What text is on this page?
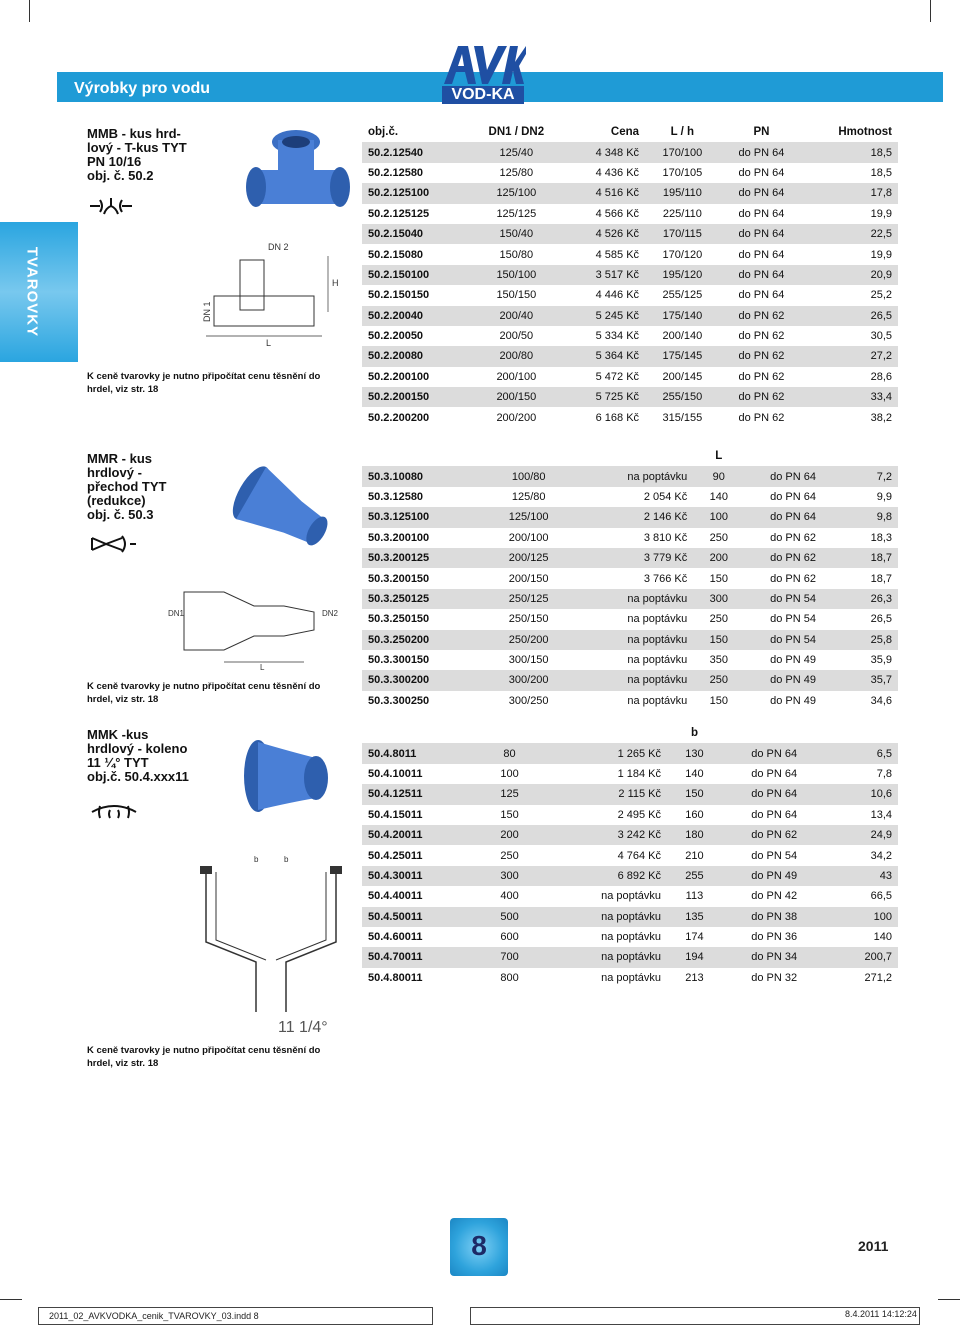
Výrobky pro vodu	AVK
VOD-KA
TVAROVKY
MMB - kus hrd-
lový - T-kus TYT
PN 10/16
obj. č. 50.2
DN 2
DN 1
H
L
K ceně tvarovky je nutno připočítat cenu těsnění do hrdel, viz str. 18
obj.č.	DN1 / DN2	Cena	L / h	PN	Hmotnost
50.2.12540	125/40	4 348 Kč	170/100	do PN 64	18,5
50.2.12580	125/80	4 436 Kč	170/105	do PN 64	18,5
50.2.125100	125/100	4 516 Kč	195/110	do PN 64	17,8
50.2.125125	125/125	4 566 Kč	225/110	do PN 64	19,9
50.2.15040	150/40	4 526 Kč	170/115	do PN 64	22,5
50.2.15080	150/80	4 585 Kč	170/120	do PN 64	19,9
50.2.150100	150/100	3 517 Kč	195/120	do PN 64	20,9
50.2.150150	150/150	4 446 Kč	255/125	do PN 64	25,2
50.2.20040	200/40	5 245 Kč	175/140	do PN 62	26,5
50.2.20050	200/50	5 334 Kč	200/140	do PN 62	30,5
50.2.20080	200/80	5 364 Kč	175/145	do PN 62	27,2
50.2.200100	200/100	5 472 Kč	200/145	do PN 62	28,6
50.2.200150	200/150	5 725 Kč	255/150	do PN 62	33,4
50.2.200200	200/200	6 168 Kč	315/155	do PN 62	38,2
MMR - kus
hrdlový -
přechod TYT
(redukce)
obj. č. 50.3
DN1	DN2
L
K ceně tvarovky je nutno připočítat cenu těsnění do hrdel, viz str. 18
			L		
50.3.10080	100/80	na poptávku	90	do PN 64	7,2
50.3.12580	125/80	2 054 Kč	140	do PN 64	9,9
50.3.125100	125/100	2 146 Kč	100	do PN 64	9,8
50.3.200100	200/100	3 810 Kč	250	do PN 62	18,3
50.3.200125	200/125	3 779 Kč	200	do PN 62	18,7
50.3.200150	200/150	3 766 Kč	150	do PN 62	18,7
50.3.250125	250/125	na poptávku	300	do PN 54	26,3
50.3.250150	250/150	na poptávku	250	do PN 54	26,5
50.3.250200	250/200	na poptávku	150	do PN 54	25,8
50.3.300150	300/150	na poptávku	350	do PN 49	35,9
50.3.300200	300/200	na poptávku	250	do PN 49	35,7
50.3.300250	300/250	na poptávku	150	do PN 49	34,6
MMK -kus
hrdlový - koleno
11 ¼° TYT
obj.č. 50.4.xxx11
b	b
11 1/4°
K ceně tvarovky je nutno připočítat cenu těsnění do hrdel, viz str. 18
			b		
50.4.8011	80	1 265 Kč	130	do PN 64	6,5
50.4.10011	100	1 184 Kč	140	do PN 64	7,8
50.4.12511	125	2 115 Kč	150	do PN 64	10,6
50.4.15011	150	2 495 Kč	160	do PN 64	13,4
50.4.20011	200	3 242 Kč	180	do PN 62	24,9
50.4.25011	250	4 764 Kč	210	do PN 54	34,2
50.4.30011	300	6 892 Kč	255	do PN 49	43
50.4.40011	400	na poptávku	113	do PN 42	66,5
50.4.50011	500	na poptávku	135	do PN 38	100
50.4.60011	600	na poptávku	174	do PN 36	140
50.4.70011	700	na poptávku	194	do PN 34	200,7
50.4.80011	800	na poptávku	213	do PN 32	271,2
8	2011
2011_02_AVKVODKA_cenik_TVAROVKY_03.indd 8	8.4.2011 14:12:24
